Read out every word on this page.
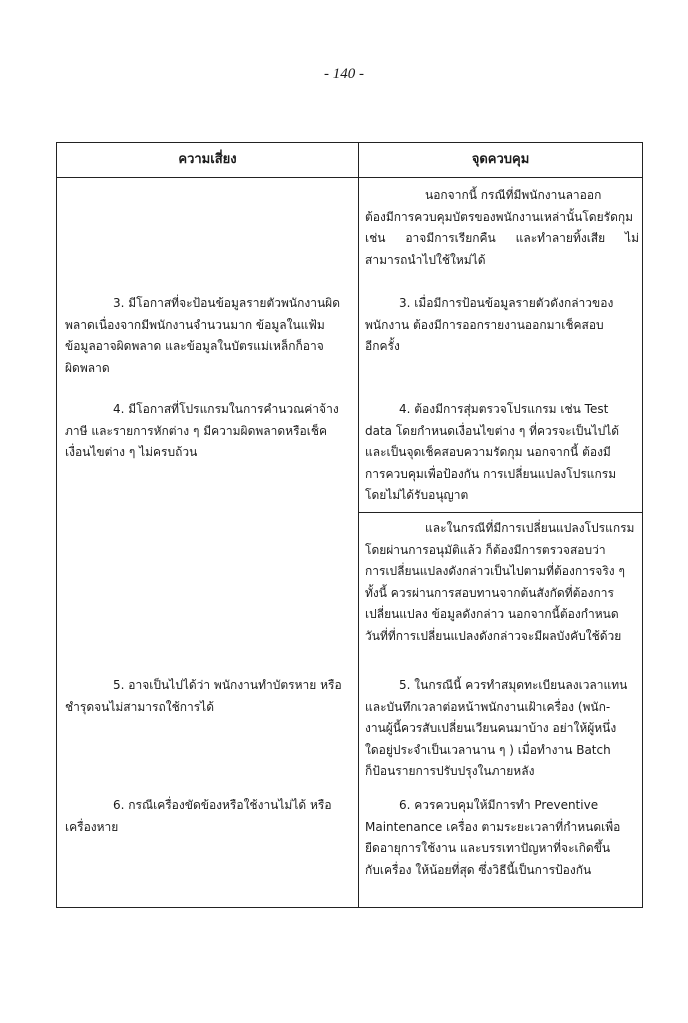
- 140 -
ความเสี่ยง	จุดควบคุม
นอกจากนี้ กรณีที่มีพนักงานลาออก
ต้องมีการควบคุมบัตรของพนักงานเหล่านั้นโดยรัดกุม
เช่น อาจมีการเรียกคืน และทำลายทิ้งเสีย ไม่
สามารถนำไปใช้ใหม่ได้
3. มีโอกาสที่จะป้อนข้อมูลรายตัวพนักงานผิด
พลาดเนื่องจากมีพนักงานจำนวนมาก ข้อมูลในแฟ้ม
ข้อมูลอาจผิดพลาด และข้อมูลในบัตรแม่เหล็กก็อาจ
ผิดพลาด
3. เมื่อมีการป้อนข้อมูลรายตัวดังกล่าวของ
พนักงาน ต้องมีการออกรายงานออกมาเช็คสอบ
อีกครั้ง
4. มีโอกาสที่โปรแกรมในการคำนวณค่าจ้าง
ภาษี และรายการหักต่าง ๆ มีความผิดพลาดหรือเช็ค
เงื่อนไขต่าง ๆ ไม่ครบถ้วน
4. ต้องมีการสุ่มตรวจโปรแกรม เช่น Test
data โดยกำหนดเงื่อนไขต่าง ๆ ที่ควรจะเป็นไปได้
และเป็นจุดเช็คสอบความรัดกุม นอกจากนี้ ต้องมี
การควบคุมเพื่อป้องกัน การเปลี่ยนแปลงโปรแกรม
โดยไม่ได้รับอนุญาต
และในกรณีที่มีการเปลี่ยนแปลงโปรแกรม
โดยผ่านการอนุมัติแล้ว ก็ต้องมีการตรวจสอบว่า
การเปลี่ยนแปลงดังกล่าวเป็นไปตามที่ต้องการจริง ๆ
ทั้งนี้ ควรผ่านการสอบทานจากต้นสังกัดที่ต้องการ
เปลี่ยนแปลง ข้อมูลดังกล่าว นอกจากนี้ต้องกำหนด
วันที่ที่การเปลี่ยนแปลงดังกล่าวจะมีผลบังคับใช้ด้วย
5. อาจเป็นไปได้ว่า พนักงานทำบัตรหาย หรือ
ชำรุดจนไม่สามารถใช้การได้
5. ในกรณีนี้ ควรทำสมุดทะเบียนลงเวลาแทน
และบันทึกเวลาต่อหน้าพนักงานเฝ้าเครื่อง (พนัก-
งานผู้นี้ควรสับเปลี่ยนเวียนคนมาบ้าง อย่าให้ผู้หนึ่ง
ใดอยู่ประจำเป็นเวลานาน ๆ ) เมื่อทำงาน Batch
ก็ป้อนรายการปรับปรุงในภายหลัง
6. กรณีเครื่องขัดข้องหรือใช้งานไม่ได้ หรือ
เครื่องหาย
6. ควรควบคุมให้มีการทำ Preventive
Maintenance เครื่อง ตามระยะเวลาที่กำหนดเพื่อ
ยืดอายุการใช้งาน และบรรเทาปัญหาที่จะเกิดขึ้น
กับเครื่อง ให้น้อยที่สุด ซึ่งวิธีนี้เป็นการป้องกัน
